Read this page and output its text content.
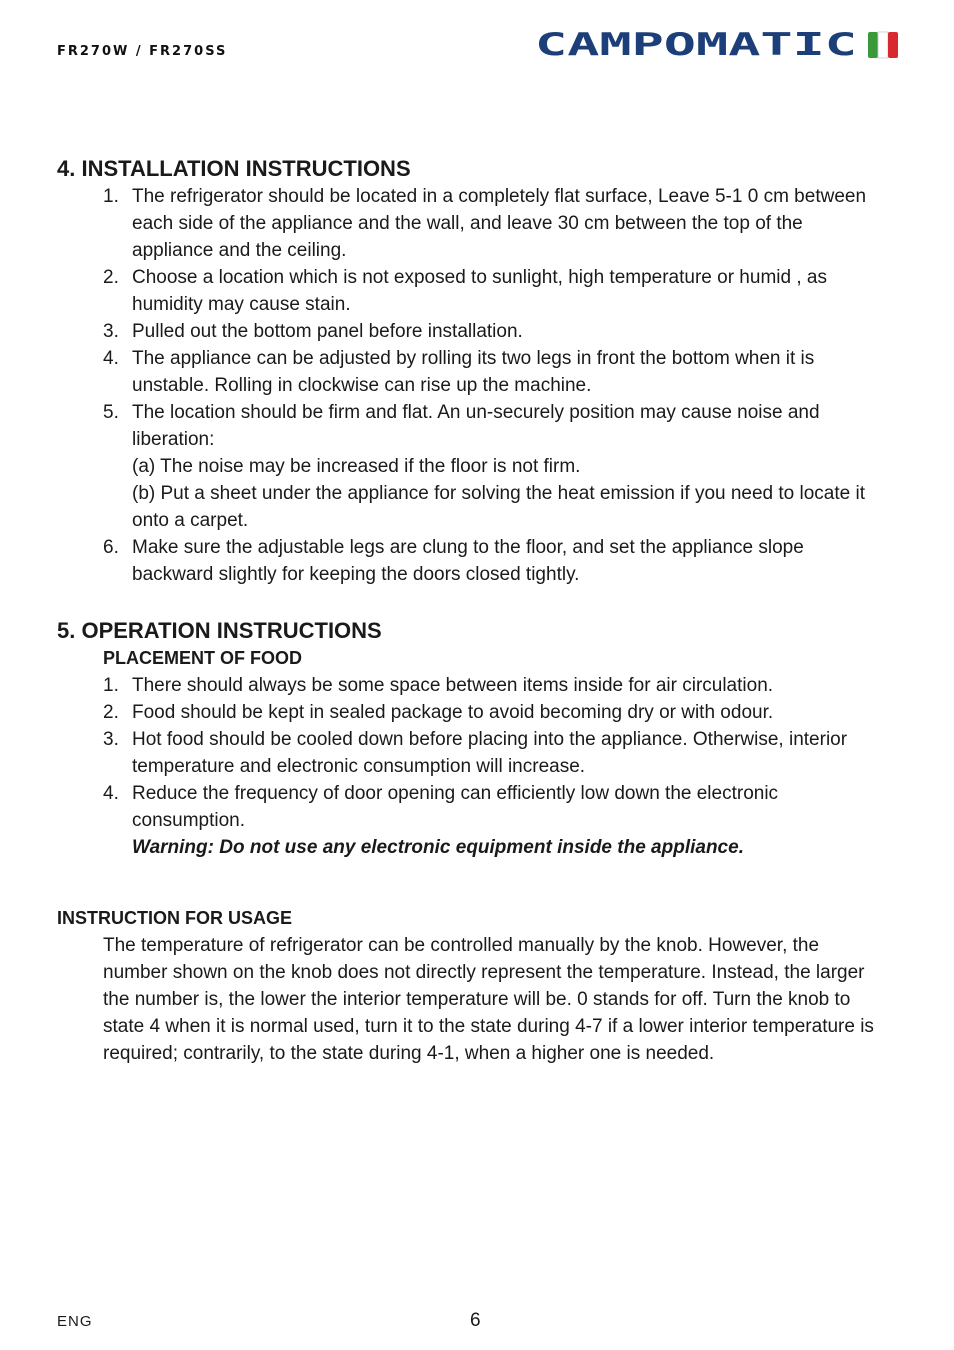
FR270W / FR270SS	CAMPOMATIC
4. INSTALLATION INSTRUCTIONS
1. The refrigerator should be located in a completely flat surface, Leave 5-1 0 cm between each side of the appliance and the wall, and leave 30 cm between the top of the appliance and the ceiling.
2. Choose a location which is not exposed to sunlight, high temperature or humid , as humidity may cause stain.
3. Pulled out the bottom panel before installation.
4. The appliance can be adjusted by rolling its two legs in front the bottom when it is unstable. Rolling in clockwise can rise up the machine.
5. The location should be firm and flat. An un-securely position may cause noise and liberation:
(a) The noise may be increased if the floor is not firm.
(b) Put a sheet under the appliance for solving the heat emission if you need to locate it onto a carpet.
6. Make sure the adjustable legs are clung to the floor, and set the appliance slope backward slightly for keeping the doors closed tightly.
5. OPERATION INSTRUCTIONS
PLACEMENT OF FOOD
1. There should always be some space between items inside for air circulation.
2. Food should be kept in sealed package to avoid becoming dry or with odour.
3. Hot food should be cooled down before placing into the appliance. Otherwise, interior temperature and electronic consumption will increase.
4. Reduce the frequency of door opening can efficiently low down the electronic consumption.
Warning: Do not use any electronic equipment inside the appliance.
INSTRUCTION FOR USAGE

The temperature of refrigerator can be controlled manually by the knob. However, the number shown on the knob does not directly represent the temperature. Instead, the larger the number is, the lower the interior temperature will be. 0 stands for off. Turn the knob to state 4 when it is normal used, turn it to the state during 4-7 if a lower interior temperature is required; contrarily, to the state during 4-1, when a higher one is needed.

ENG	6
